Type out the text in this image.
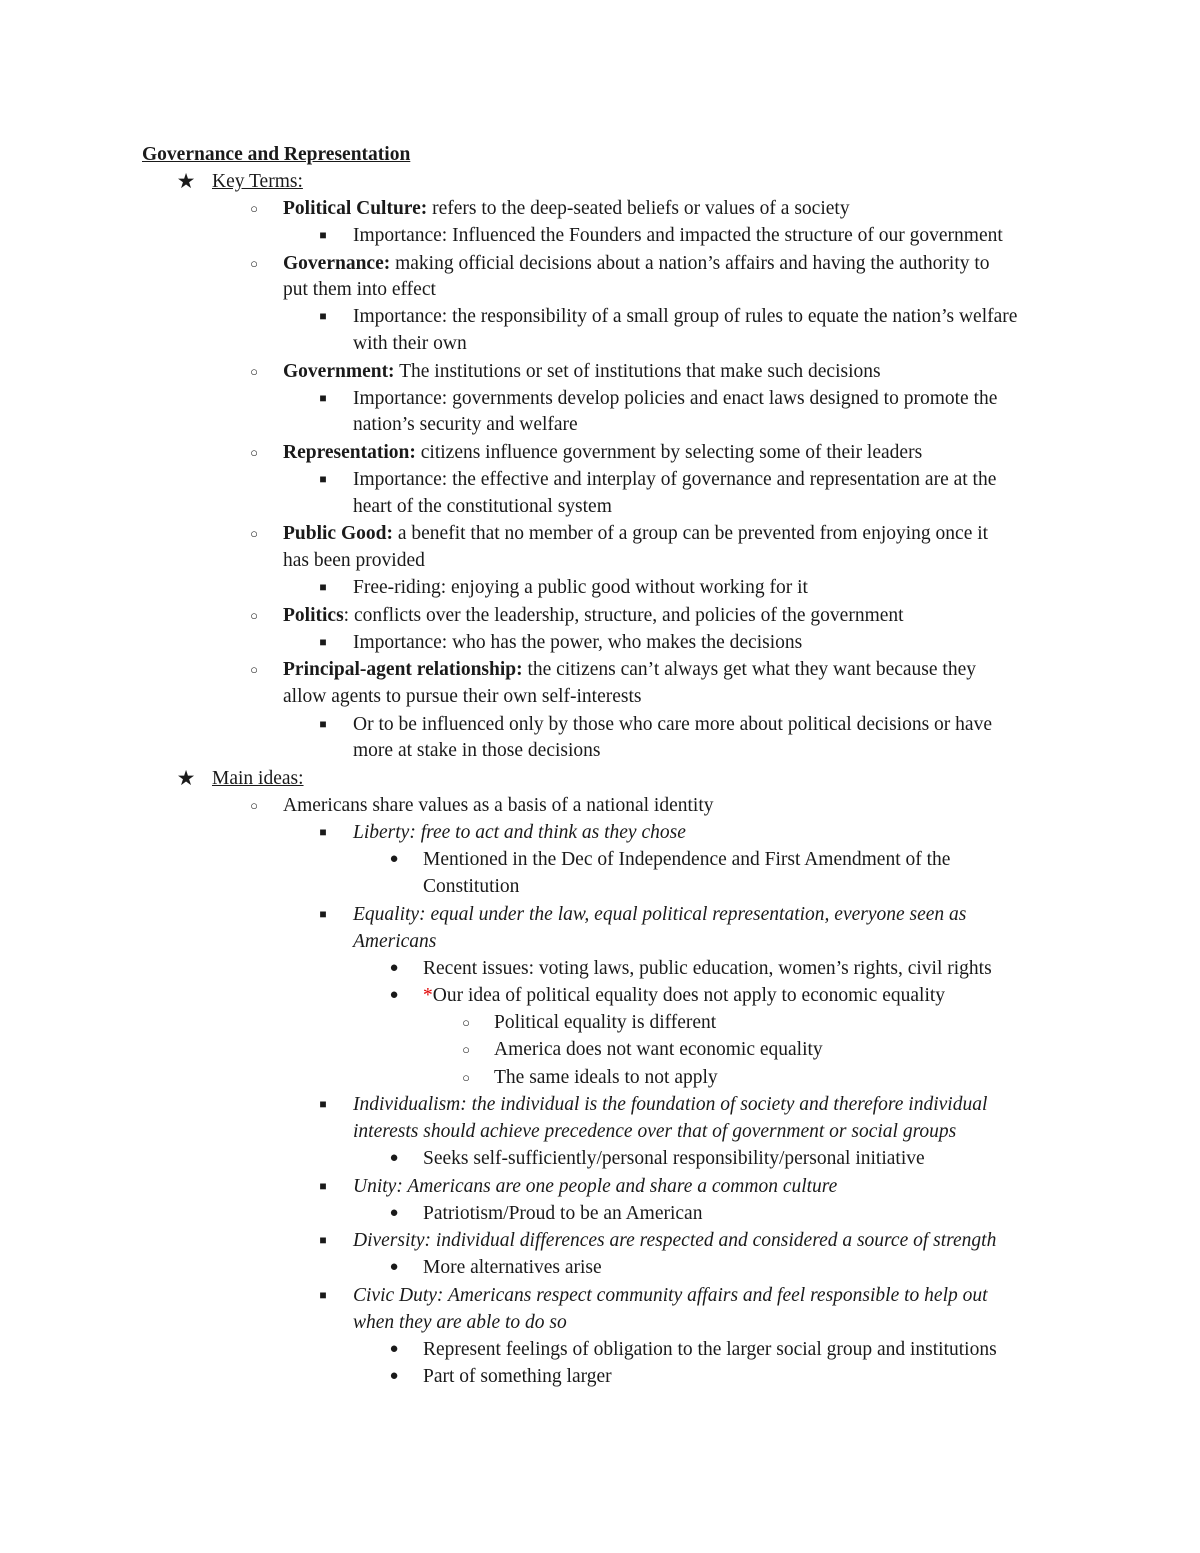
Governance and Representation
★ Key Terms:
○	Political Culture: refers to the deep-seated beliefs or values of a society
■	Importance: Influenced the Founders and impacted the structure of our government
○	Governance: making official decisions about a nation’s affairs and having the authority to
put them into effect
■	Importance: the responsibility of a small group of rules to equate the nation’s welfare
with their own
○	Government: The institutions or set of institutions that make such decisions
■	Importance: governments develop policies and enact laws designed to promote the
nation’s security and welfare
○	Representation: citizens influence government by selecting some of their leaders
■	Importance: the effective and interplay of governance and representation are at the
heart of the constitutional system
○	Public Good: a benefit that no member of a group can be prevented from enjoying once it
has been provided
■	Free-riding: enjoying a public good without working for it
○	Politics: conflicts over the leadership, structure, and policies of the government
■	Importance: who has the power, who makes the decisions
○	Principal-agent relationship: the citizens can’t always get what they want because they
allow agents to pursue their own self-interests
■	Or to be influenced only by those who care more about political decisions or have
more at stake in those decisions
★ Main ideas:
○	Americans share values as a basis of a national identity
■	Liberty: free to act and think as they chose
● Mentioned in the Dec of Independence and First Amendment of the
Constitution
■	Equality: equal under the law, equal political representation, everyone seen as
Americans
● Recent issues: voting laws, public education, women’s rights, civil rights
● *Our idea of political equality does not apply to economic equality
○	Political equality is different
○	America does not want economic equality
○	The same ideals to not apply
■	Individualism: the individual is the foundation of society and therefore individual
interests should achieve precedence over that of government or social groups
● Seeks self-sufficiently/personal responsibility/personal initiative
■	Unity: Americans are one people and share a common culture
● Patriotism/Proud to be an American
■	Diversity: individual differences are respected and considered a source of strength
● More alternatives arise
■	Civic Duty: Americans respect community affairs and feel responsible to help out
when they are able to do so
● Represent feelings of obligation to the larger social group and institutions
● Part of something larger
